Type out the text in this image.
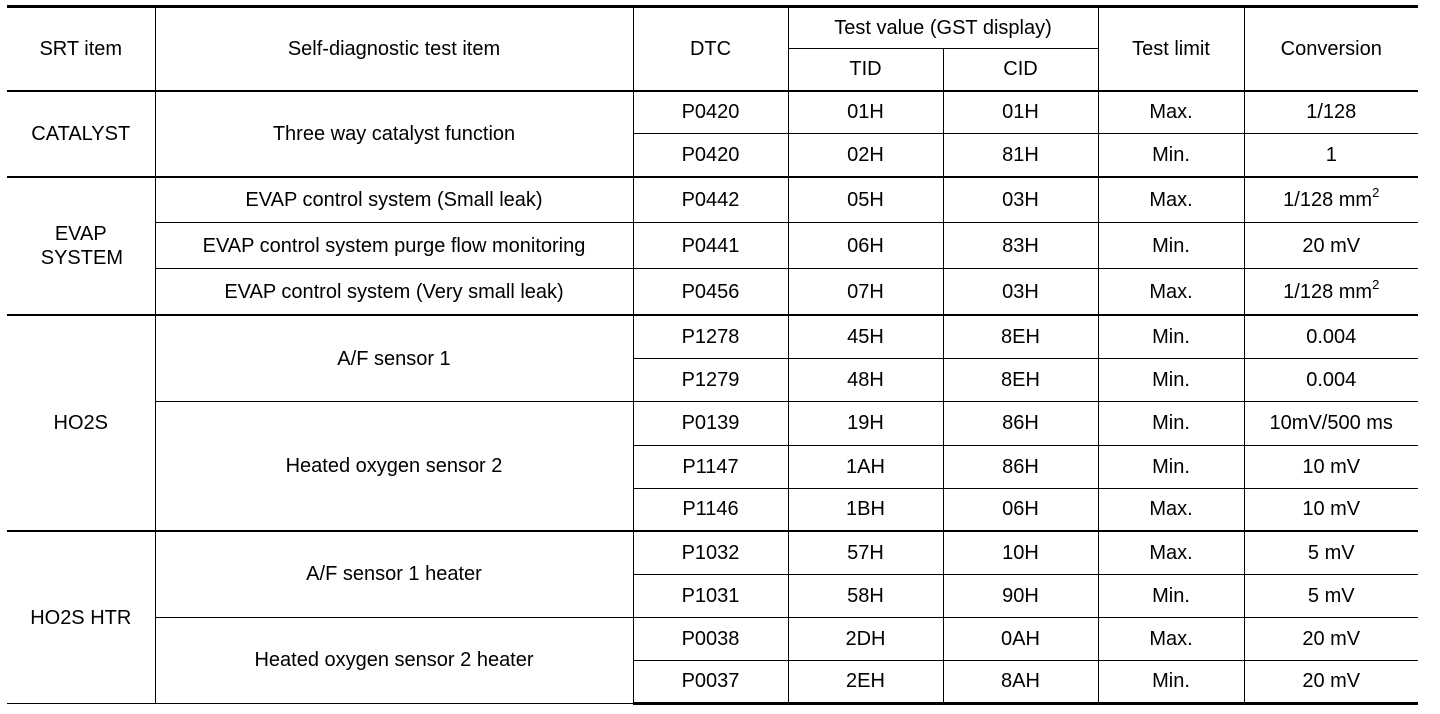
SRT item	Self-diagnostic test item	DTC	Test value (GST display)		Test limit	Conversion
			TID	CID		
CATALYST	Three way catalyst function	P0420	01H	01H	Max.	1/128
		P0420	02H	81H	Min.	1
EVAP SYSTEM	EVAP control system (Small leak)	P0442	05H	03H	Max.	1/128 $mm^2$
	EVAP control system purge flow monitoring	P0441	06H	83H	Min.	20 mV
	EVAP control system (Very small leak)	P0456	07H	03H	Max.	1/128 $mm^2$
HO2S	A/F sensor 1	P1278	45H	8EH	Min.	0.004
		P1279	48H	8EH	Min.	0.004
	Heated oxygen sensor 2	P0139	19H	86H	Min.	10mV/500 ms
		P1147	1AH	86H	Min.	10 mV
		P1146	1BH	06H	Max.	10 mV
HO2S HTR	A/F sensor 1 heater	P1032	57H	10H	Max.	5 mV
		P1031	58H	90H	Min.	5 mV
	Heated oxygen sensor 2 heater	P0038	2DH	0AH	Max.	20 mV
		P0037	2EH	8AH	Min.	20 mV
